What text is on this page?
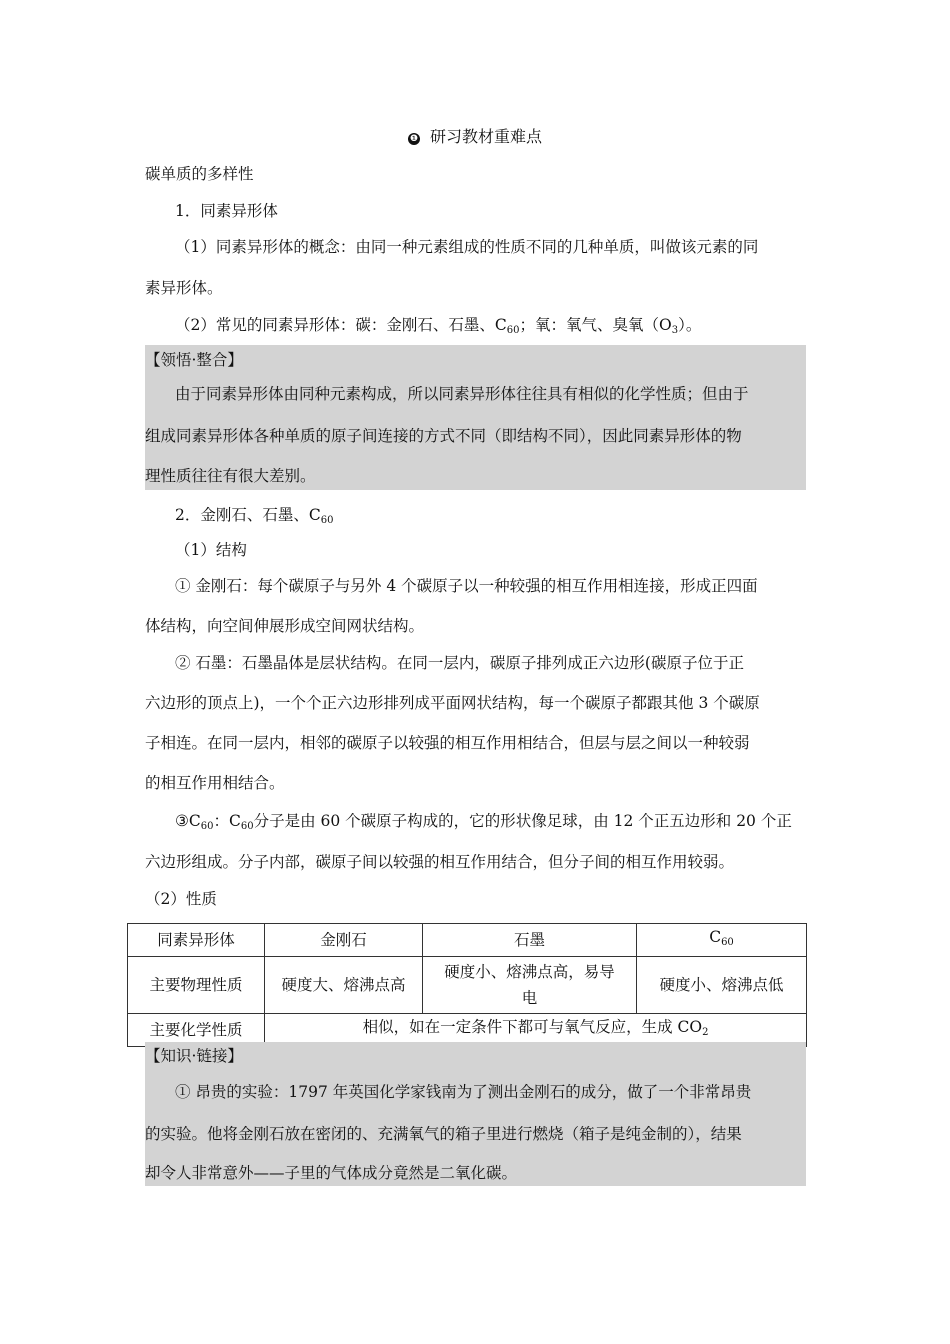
❶ 研习教材重难点
碳单质的多样性
1．同素异形体
（1）同素异形体的概念：由同一种元素组成的性质不同的几种单质，叫做该元素的同
素异形体。
（2）常见的同素异形体：碳：金刚石、石墨、$C_{60}$；氧：氧气、臭氧$(O_3)$。
【领悟·整合】
由于同素异形体由同种元素构成，所以同素异形体往往具有相似的化学性质；但由于
组成同素异形体各种单质的原子间连接的方式不同（即结构不同），因此同素异形体的物
理性质往往有很大差别。
2．金刚石、石墨、$C_{60}$
（1）结构
① 金刚石：每个碳原子与另外 4 个碳原子以一种较强的相互作用相连接，形成正四面
体结构，向空间伸展形成空间网状结构。
② 石墨：石墨晶体是层状结构。在同一层内，碳原子排列成正六边形(碳原子位于正
六边形的顶点上)，一个个正六边形排列成平面网状结构，每一个碳原子都跟其他 3 个碳原
子相连。在同一层内，相邻的碳原子以较强的相互作用相结合，但层与层之间以一种较弱
的相互作用相结合。
$③C_{60}$：$C_{60}$分子是由 60 个碳原子构成的，它的形状像足球，由 12 个正五边形和 20 个正
六边形组成。分子内部，碳原子间以较强的相互作用结合，但分子间的相互作用较弱。
（2）性质
同素异形体	金刚石	石墨	$C_{60}$
主要物理性质	硬度大、熔沸点高	硬度小、熔沸点高，易导
电	硬度小、熔沸点低
主要化学性质	相似，如在一定条件下都可与氧气反应，生成 $CO_2$
【知识·链接】
① 昂贵的实验：1797 年英国化学家钱南为了测出金刚石的成分，做了一个非常昂贵
的实验。他将金刚石放在密闭的、充满氧气的箱子里进行燃烧（箱子是纯金制的），结果
却令人非常意外——子里的气体成分竟然是二氧化碳。
